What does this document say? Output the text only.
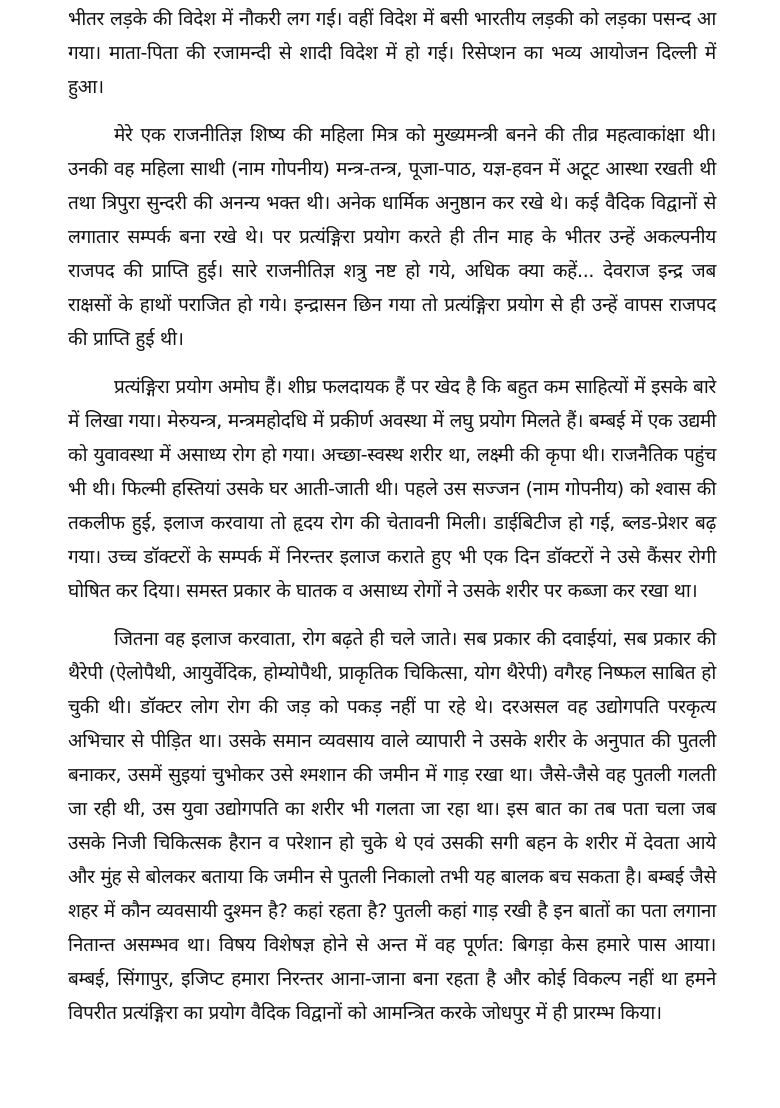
भीतर लड़के की विदेश में नौकरी लग गई। वहीं विदेश में बसी भारतीय लड़की को लड़का पसन्द आ गया। माता-पिता की रजामन्दी से शादी विदेश में हो गई। रिसेप्शन का भव्य आयोजन दिल्ली में हुआ।

मेरे एक राजनीतिज्ञ शिष्य की महिला मित्र को मुख्यमन्त्री बनने की तीव्र महत्वाकांक्षा थी। उनकी वह महिला साथी (नाम गोपनीय) मन्त्र-तन्त्र, पूजा-पाठ, यज्ञ-हवन में अटूट आस्था रखती थी तथा त्रिपुरा सुन्दरी की अनन्य भक्त थी। अनेक धार्मिक अनुष्ठान कर रखे थे। कई वैदिक विद्वानों से लगातार सम्पर्क बना रखे थे। पर प्रत्यंङ्गिरा प्रयोग करते ही तीन माह के भीतर उन्हें अकल्पनीय राजपद की प्राप्ति हुई। सारे राजनीतिज्ञ शत्रु नष्ट हो गये, अधिक क्या कहें... देवराज इन्द्र जब राक्षसों के हाथों पराजित हो गये। इन्द्रासन छिन गया तो प्रत्यंङ्गिरा प्रयोग से ही उन्हें वापस राजपद की प्राप्ति हुई थी।

प्रत्यंङ्गिरा प्रयोग अमोघ हैं। शीघ्र फलदायक हैं पर खेद है कि बहुत कम साहित्यों में इसके बारे में लिखा गया। मेरुयन्त्र, मन्त्रमहोदधि में प्रकीर्ण अवस्था में लघु प्रयोग मिलते हैं। बम्बई में एक उद्यमी को युवावस्था में असाध्य रोग हो गया। अच्छा-स्वस्थ शरीर था, लक्ष्मी की कृपा थी। राजनैतिक पहुंच भी थी। फिल्मी हस्तियां उसके घर आती-जाती थी। पहले उस सज्जन (नाम गोपनीय) को श्वास की तकलीफ हुई, इलाज करवाया तो हृदय रोग की चेतावनी मिली। डाईबिटीज हो गई, ब्लड-प्रेशर बढ़ गया। उच्च डॉक्टरों के सम्पर्क में निरन्तर इलाज कराते हुए भी एक दिन डॉक्टरों ने उसे कैंसर रोगी घोषित कर दिया। समस्त प्रकार के घातक व असाध्य रोगों ने उसके शरीर पर कब्जा कर रखा था।

जितना वह इलाज करवाता, रोग बढ़ते ही चले जाते। सब प्रकार की दवाईयां, सब प्रकार की थैरेपी (ऐलोपैथी, आयुर्वेदिक, होम्योपैथी, प्राकृतिक चिकित्सा, योग थैरेपी) वगैरह निष्फल साबित हो चुकी थी। डॉक्टर लोग रोग की जड़ को पकड़ नहीं पा रहे थे। दरअसल वह उद्योगपति परकृत्य अभिचार से पीड़ित था। उसके समान व्यवसाय वाले व्यापारी ने उसके शरीर के अनुपात की पुतली बनाकर, उसमें सुइयां चुभोकर उसे श्मशान की जमीन में गाड़ रखा था। जैसे-जैसे वह पुतली गलती जा रही थी, उस युवा उद्योगपति का शरीर भी गलता जा रहा था। इस बात का तब पता चला जब उसके निजी चिकित्सक हैरान व परेशान हो चुके थे एवं उसकी सगी बहन के शरीर में देवता आये और मुंह से बोलकर बताया कि जमीन से पुतली निकालो तभी यह बालक बच सकता है। बम्बई जैसे शहर में कौन व्यवसायी दुश्मन है? कहां रहता है? पुतली कहां गाड़ रखी है इन बातों का पता लगाना नितान्त असम्भव था। विषय विशेषज्ञ होने से अन्त में वह पूर्णत: बिगड़ा केस हमारे पास आया। बम्बई, सिंगापुर, इजिप्ट हमारा निरन्तर आना-जाना बना रहता है और कोई विकल्प नहीं था हमने विपरीत प्रत्यंङ्गिरा का प्रयोग वैदिक विद्वानों को आमन्त्रित करके जोधपुर में ही प्रारम्भ किया।
